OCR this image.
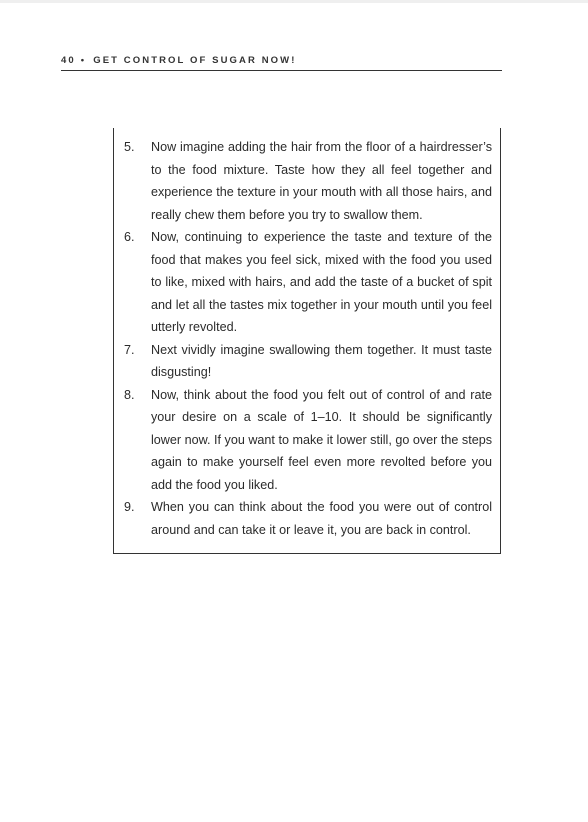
40 • GET CONTROL OF SUGAR NOW!
5. Now imagine adding the hair from the floor of a hairdresser’s to the food mixture. Taste how they all feel together and experience the texture in your mouth with all those hairs, and really chew them before you try to swallow them.
6. Now, continuing to experience the taste and texture of the food that makes you feel sick, mixed with the food you used to like, mixed with hairs, and add the taste of a bucket of spit and let all the tastes mix together in your mouth until you feel utterly revolted.
7. Next vividly imagine swallowing them together. It must taste disgusting!
8. Now, think about the food you felt out of control of and rate your desire on a scale of 1–10. It should be significantly lower now. If you want to make it lower still, go over the steps again to make yourself feel even more revolted before you add the food you liked.
9. When you can think about the food you were out of control around and can take it or leave it, you are back in control.
